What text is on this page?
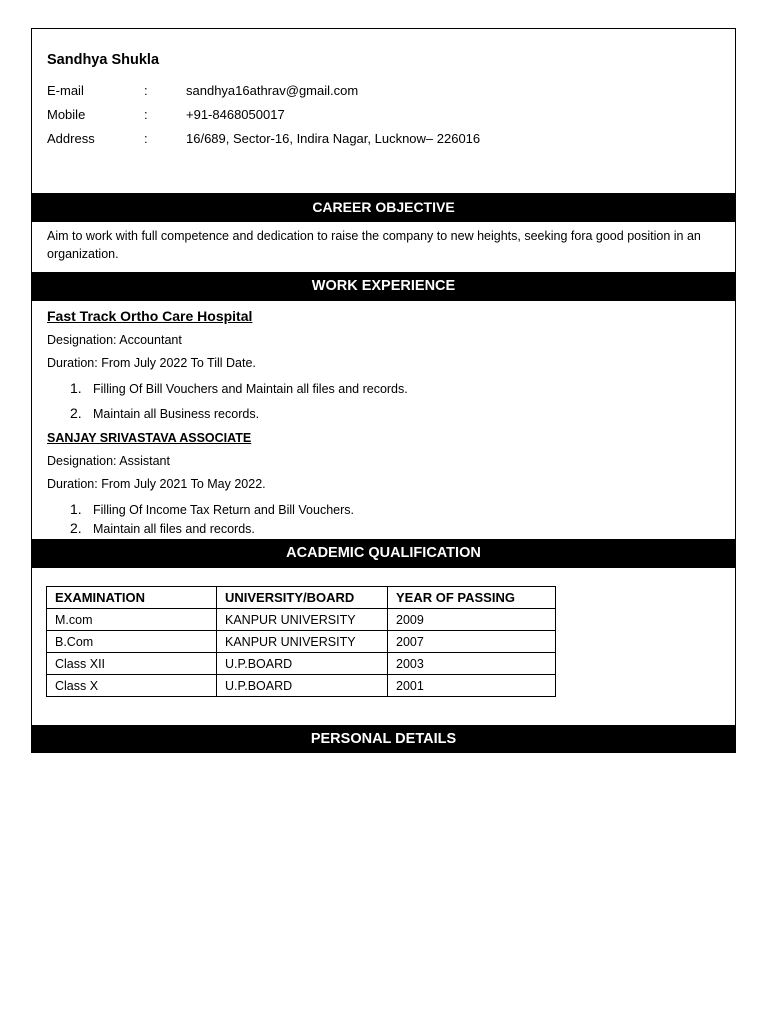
Sandhya Shukla
E-mail	:	sandhya16athrav@gmail.com
Mobile	:	+91-8468050017
Address	:	16/689, Sector-16, Indira Nagar, Lucknow– 226016
CAREER OBJECTIVE
Aim to work with full competence and dedication to raise the company to new heights, seeking fora good position in an organization.
WORK EXPERIENCE
Fast Track Ortho Care Hospital
Designation: Accountant
Duration: From July 2022 To Till Date.
1. Filling Of Bill Vouchers and Maintain all files and records.
2. Maintain all Business records.
SANJAY SRIVASTAVA ASSOCIATE
Designation: Assistant
Duration: From July 2021 To May 2022.
1. Filling Of Income Tax Return and Bill Vouchers.
2. Maintain all files and records.
ACADEMIC QUALIFICATION
EXAMINATION	UNIVERSITY/BOARD	YEAR OF PASSING
M.com	KANPUR UNIVERSITY	2009
B.Com	KANPUR UNIVERSITY	2007
Class XII	U.P.BOARD	2003
Class X	U.P.BOARD	2001
PERSONAL DETAILS
